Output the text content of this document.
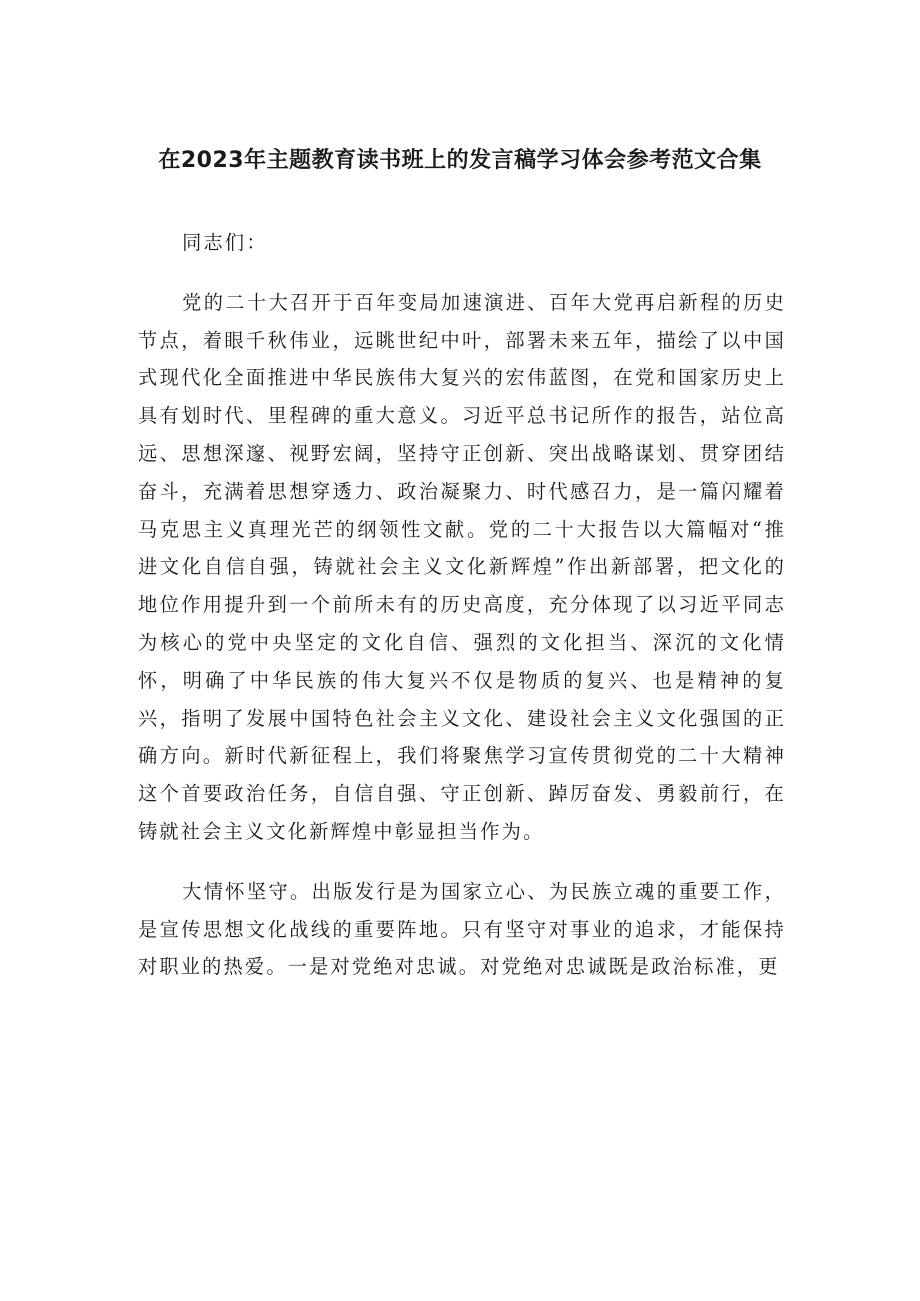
在2023年主题教育读书班上的发言稿学习体会参考范文合集

同志们：

党的二十大召开于百年变局加速演进、百年大党再启新程的历史节点，着眼千秋伟业，远眺世纪中叶，部署未来五年，描绘了以中国式现代化全面推进中华民族伟大复兴的宏伟蓝图，在党和国家历史上具有划时代、里程碑的重大意义。习近平总书记所作的报告，站位高远、思想深邃、视野宏阔，坚持守正创新、突出战略谋划、贯穿团结奋斗，充满着思想穿透力、政治凝聚力、时代感召力，是一篇闪耀着马克思主义真理光芒的纲领性文献。党的二十大报告以大篇幅对“推进文化自信自强，铸就社会主义文化新辉煌”作出新部署，把文化的地位作用提升到一个前所未有的历史高度，充分体现了以习近平同志为核心的党中央坚定的文化自信、强烈的文化担当、深沉的文化情怀，明确了中华民族的伟大复兴不仅是物质的复兴、也是精神的复兴，指明了发展中国特色社会主义文化、建设社会主义文化强国的正确方向。新时代新征程上，我们将聚焦学习宣传贯彻党的二十大精神这个首要政治任务，自信自强、守正创新、踔厉奋发、勇毅前行，在铸就社会主义文化新辉煌中彰显担当作为。

大情怀坚守。出版发行是为国家立心、为民族立魂的重要工作，是宣传思想文化战线的重要阵地。只有坚守对事业的追求，才能保持对职业的热爱。一是对党绝对忠诚。对党绝对忠诚既是政治标准，更
